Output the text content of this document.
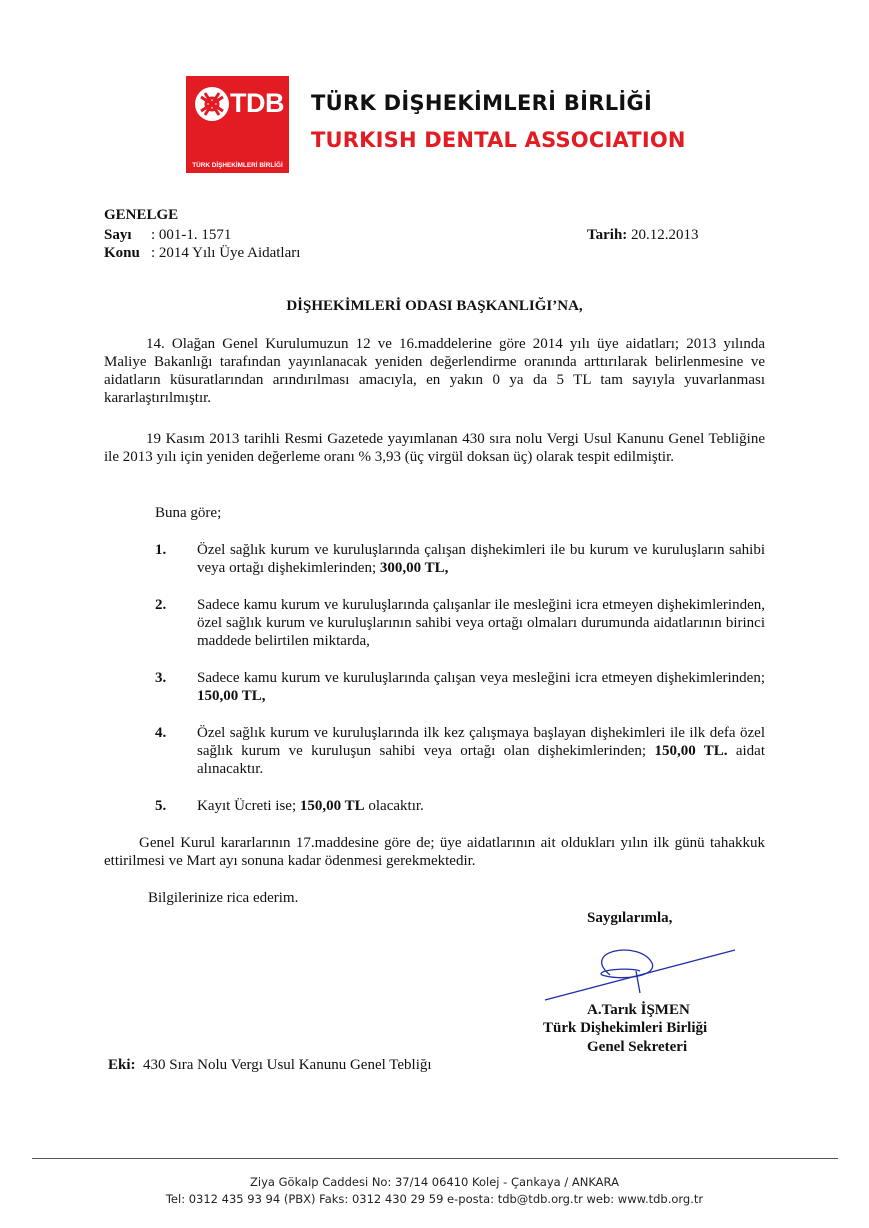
TDB
TÜRK DİŞHEKİMLERİ BİRLİĞİ
TÜRK DİŞHEKİMLERİ BİRLİĞİ
TURKISH DENTAL ASSOCIATION
GENELGE
Sayı : 001-1. 1571	Tarih: 20.12.2013
Konu : 2014 Yılı Üye Aidatları
DİŞHEKİMLERİ ODASI BAŞKANLIĞI’NA,
14. Olağan Genel Kurulumuzun 12 ve 16.maddelerine göre 2014 yılı üye aidatları; 2013 yılında Maliye Bakanlığı tarafından yayınlanacak yeniden değerlendirme oranında arttırılarak belirlenmesine ve aidatların küsuratlarından arındırılması amacıyla, en yakın 0 ya da 5 TL tam sayıyla yuvarlanması kararlaştırılmıştır.
19 Kasım 2013 tarihli Resmi Gazetede yayımlanan 430 sıra nolu Vergi Usul Kanunu Genel Tebliğine ile 2013 yılı için yeniden değerleme oranı % 3,93 (üç virgül doksan üç) olarak tespit edilmiştir.
Buna göre;
1. Özel sağlık kurum ve kuruluşlarında çalışan dişhekimleri ile bu kurum ve kuruluşların sahibi veya ortağı dişhekimlerinden; 300,00 TL,
2. Sadece kamu kurum ve kuruluşlarında çalışanlar ile mesleğini icra etmeyen dişhekimlerinden, özel sağlık kurum ve kuruluşlarının sahibi veya ortağı olmaları durumunda aidatlarının birinci maddede belirtilen miktarda,
3. Sadece kamu kurum ve kuruluşlarında çalışan veya mesleğini icra etmeyen dişhekimlerinden; 150,00 TL,
4. Özel sağlık kurum ve kuruluşlarında ilk kez çalışmaya başlayan dişhekimleri ile ilk defa özel sağlık kurum ve kuruluşun sahibi veya ortağı olan dişhekimlerinden; 150,00 TL. aidat alınacaktır.
5. Kayıt Ücreti ise; 150,00 TL olacaktır.
Genel Kurul kararlarının 17.maddesine göre de; üye aidatlarının ait oldukları yılın ilk günü tahakkuk ettirilmesi ve Mart ayı sonuna kadar ödenmesi gerekmektedir.
Bilgilerinize rica ederim.
Saygılarımla,
A.Tarık İŞMEN
Türk Dişhekimleri Birliği
Genel Sekreteri
Eki: 430 Sıra Nolu Vergı Usul Kanunu Genel Tebliğı
Ziya Gökalp Caddesi No: 37/14 06410 Kolej - Çankaya / ANKARA
Tel: 0312 435 93 94 (PBX) Faks: 0312 430 29 59 e-posta: tdb@tdb.org.tr web: www.tdb.org.tr
